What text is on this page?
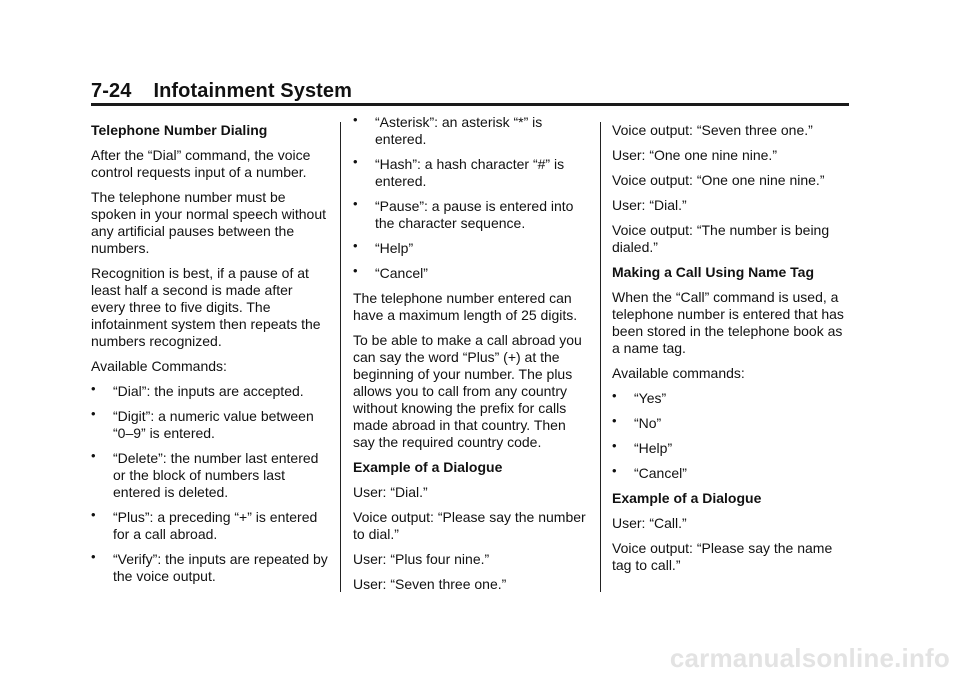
7-24 Infotainment System
Telephone Number Dialing
After the “Dial” command, the voice control requests input of a number.
The telephone number must be spoken in your normal speech without any artificial pauses between the numbers.
Recognition is best, if a pause of at least half a second is made after every three to five digits. The infotainment system then repeats the numbers recognized.
Available Commands:
• “Dial”: the inputs are accepted.
• “Digit”: a numeric value between “0–9” is entered.
• “Delete”: the number last entered or the block of numbers last entered is deleted.
• “Plus”: a preceding “+” is entered for a call abroad.
• “Verify”: the inputs are repeated by the voice output.
• “Asterisk”: an asterisk “*” is entered.
• “Hash”: a hash character “#” is entered.
• “Pause”: a pause is entered into the character sequence.
• “Help”
• “Cancel”
The telephone number entered can have a maximum length of 25 digits.
To be able to make a call abroad you can say the word “Plus” (+) at the beginning of your number. The plus allows you to call from any country without knowing the prefix for calls made abroad in that country. Then say the required country code.
Example of a Dialogue
User: “Dial.”
Voice output: “Please say the number to dial.”
User: “Plus four nine.”
User: “Seven three one.”
Voice output: “Seven three one.”
User: “One one nine nine.”
Voice output: “One one nine nine.”
User: “Dial.”
Voice output: “The number is being dialed.”
Making a Call Using Name Tag
When the “Call” command is used, a telephone number is entered that has been stored in the telephone book as a name tag.
Available commands:
• “Yes”
• “No”
• “Help”
• “Cancel”
Example of a Dialogue
User: “Call.”
Voice output: “Please say the name tag to call.”
carmanualsonline.info
